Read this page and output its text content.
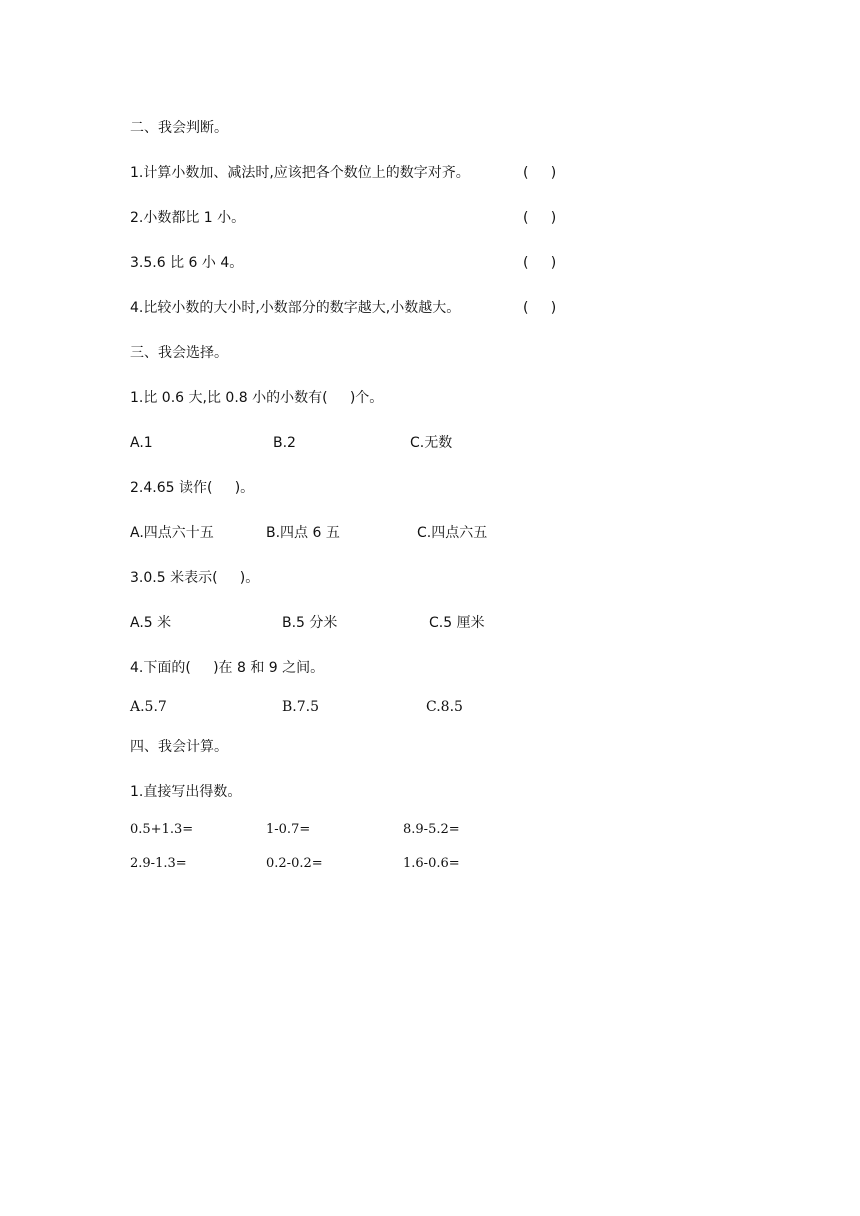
二、我会判断。
1.计算小数加、减法时,应该把各个数位上的数字对齐。	(     )
2.小数都比 1 小。	(     )
3.5.6 比 6 小 4。	(     )
4.比较小数的大小时,小数部分的数字越大,小数越大。	(     )
三、我会选择。
1.比 0.6 大,比 0.8 小的小数有(     )个。
A.1	B.2	C.无数
2.4.65 读作(     )。
A.四点六十五	B.四点 6 五	C.四点六五
3.0.5 米表示(     )。
A.5 米	B.5 分米	C.5 厘米
4.下面的(     )在 8 和 9 之间。
A.5.7	B.7.5	C.8.5
四、我会计算。
1.直接写出得数。
0.5+1.3=	1-0.7=	8.9-5.2=
2.9-1.3=	0.2-0.2=	1.6-0.6=
